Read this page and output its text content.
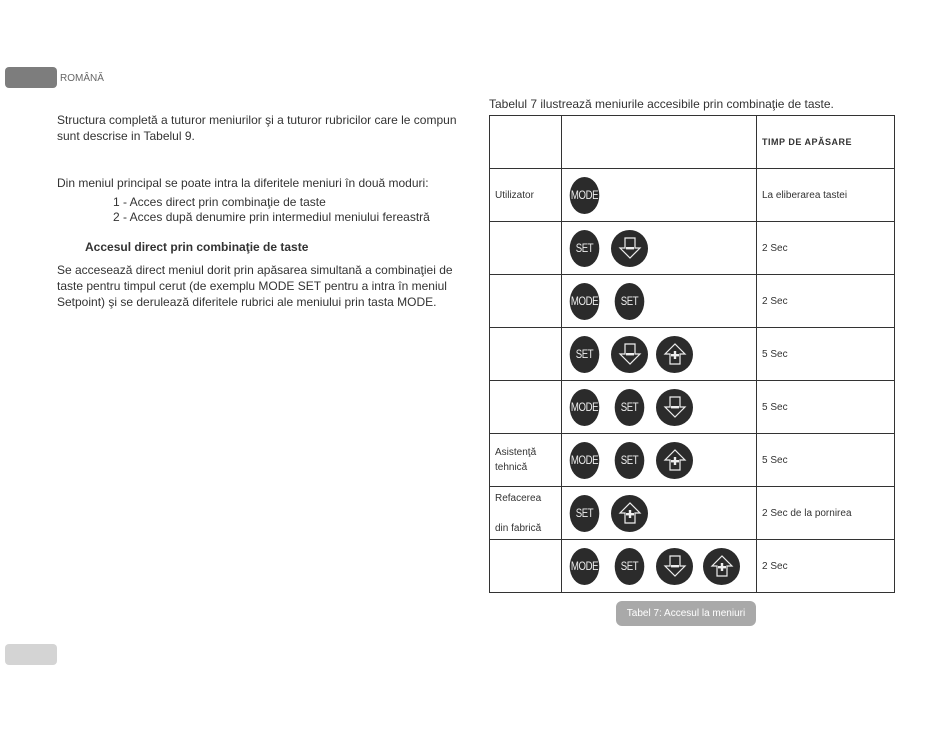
ROMÂNĂ
Structura completă a tuturor meniurilor şi a tuturor rubricilor care le compun sunt descrise in Tabelul 9.
Din meniul principal se poate intra la diferitele meniuri în două moduri:
1 - Acces direct prin combinaţie de taste
2 - Acces după denumire prin intermediul meniului fereastră
Accesul direct prin combinaţie de taste
Se accesează direct meniul dorit prin apăsarea simultană a combinaţiei de taste pentru timpul cerut (de exemplu MODE SET pentru a intra în meniul Setpoint) şi se derulează diferitele rubrici ale meniului prin tasta MODE.
Tabelul 7 ilustrează meniurile accesibile prin combinaţie de taste.
		TIMP DE APĂSARE
Utilizator	MODE	La eliberarea tastei
	SET	2 Sec
	MODE SET	2 Sec
	SET	5 Sec
	MODE SET	5 Sec
Asistenţă tehnică	MODE SET	5 Sec
Refacerea

din fabrică	SET	2 Sec de la pornirea
	MODE SET	2 Sec
Tabel 7: Accesul la meniuri
